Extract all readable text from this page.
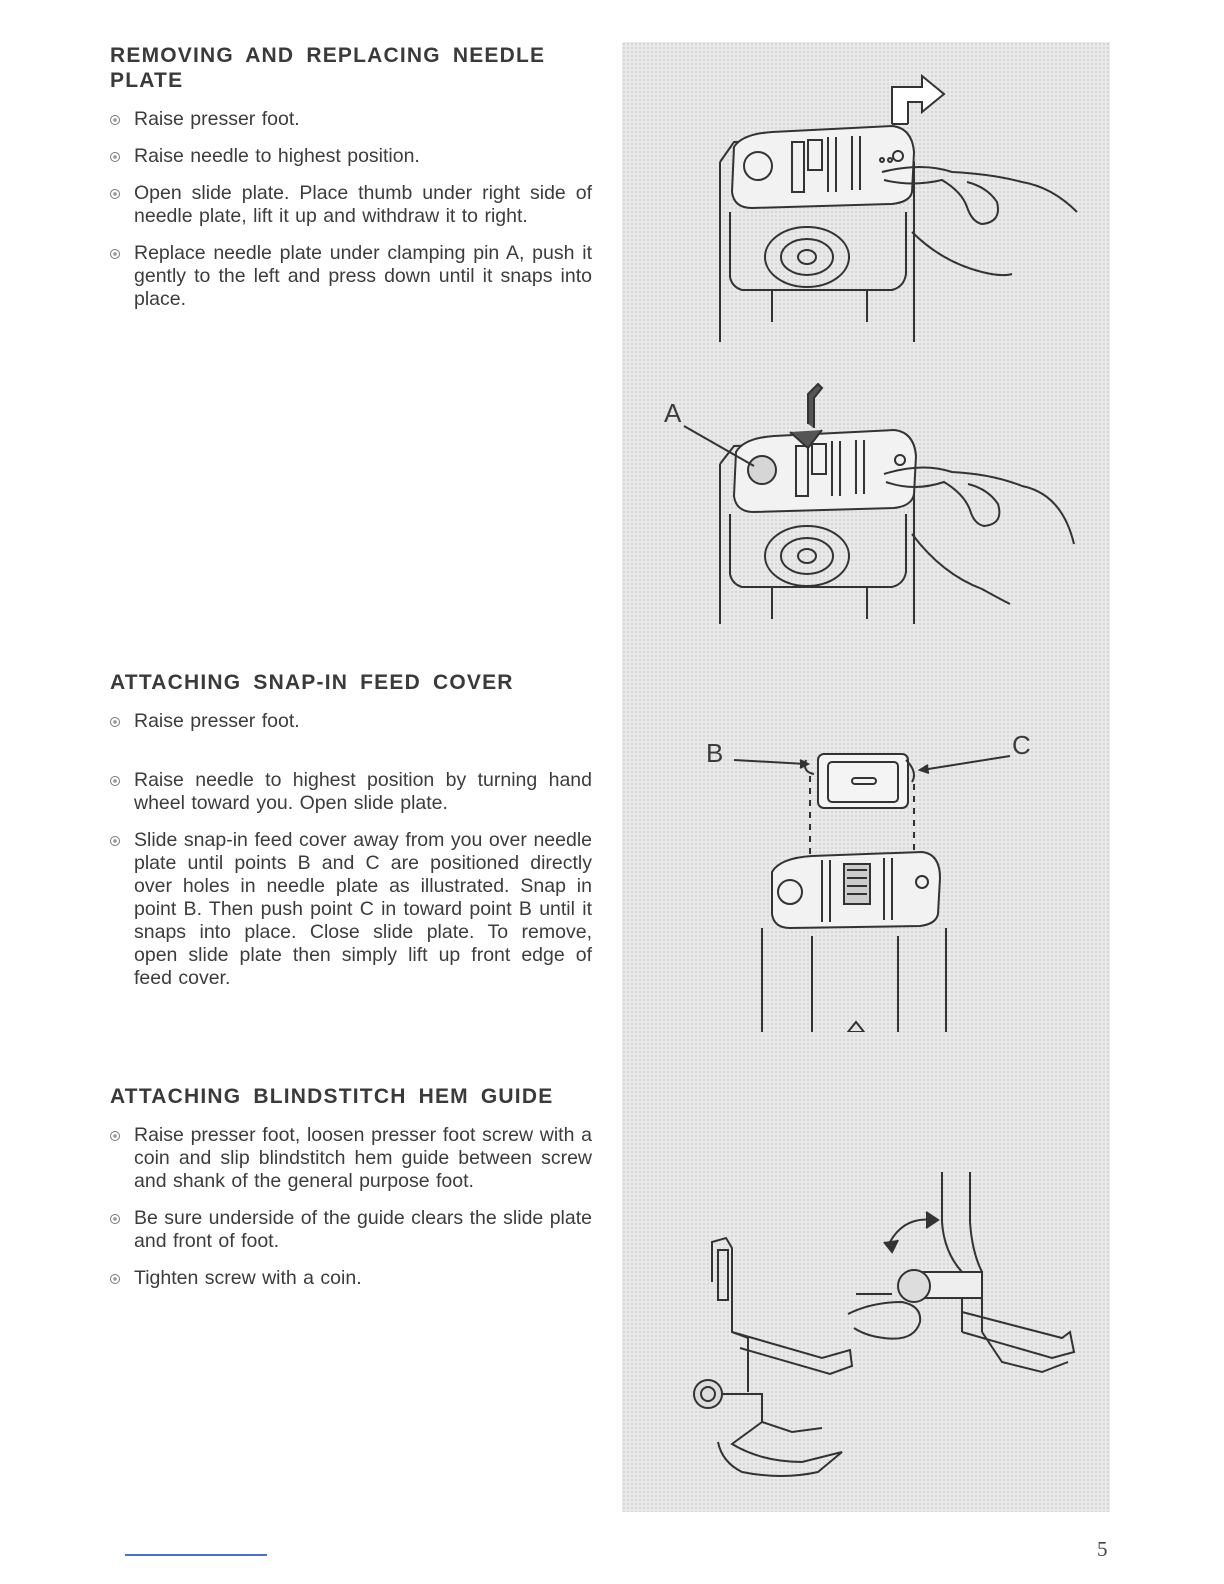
REMOVING AND REPLACING NEEDLE PLATE
Raise presser foot.
Raise needle to highest position.
Open slide plate. Place thumb under right side of needle plate, lift it up and withdraw it to right.
Replace needle plate under clamping pin A, push it gently to the left and press down until it snaps into place.
ATTACHING SNAP-IN FEED COVER
Raise presser foot.
Raise needle to highest position by turning hand wheel toward you. Open slide plate.
Slide snap-in feed cover away from you over needle plate until points B and C are positioned directly over holes in needle plate as illustrated. Snap in point B. Then push point C in toward point B until it snaps into place. Close slide plate. To remove, open slide plate then simply lift up front edge of feed cover.
ATTACHING BLINDSTITCH HEM GUIDE
Raise presser foot, loosen presser foot screw with a coin and slip blindstitch hem guide between screw and shank of the general purpose foot.
Be sure underside of the guide clears the slide plate and front of foot.
Tighten screw with a coin.
A
B	C
5
